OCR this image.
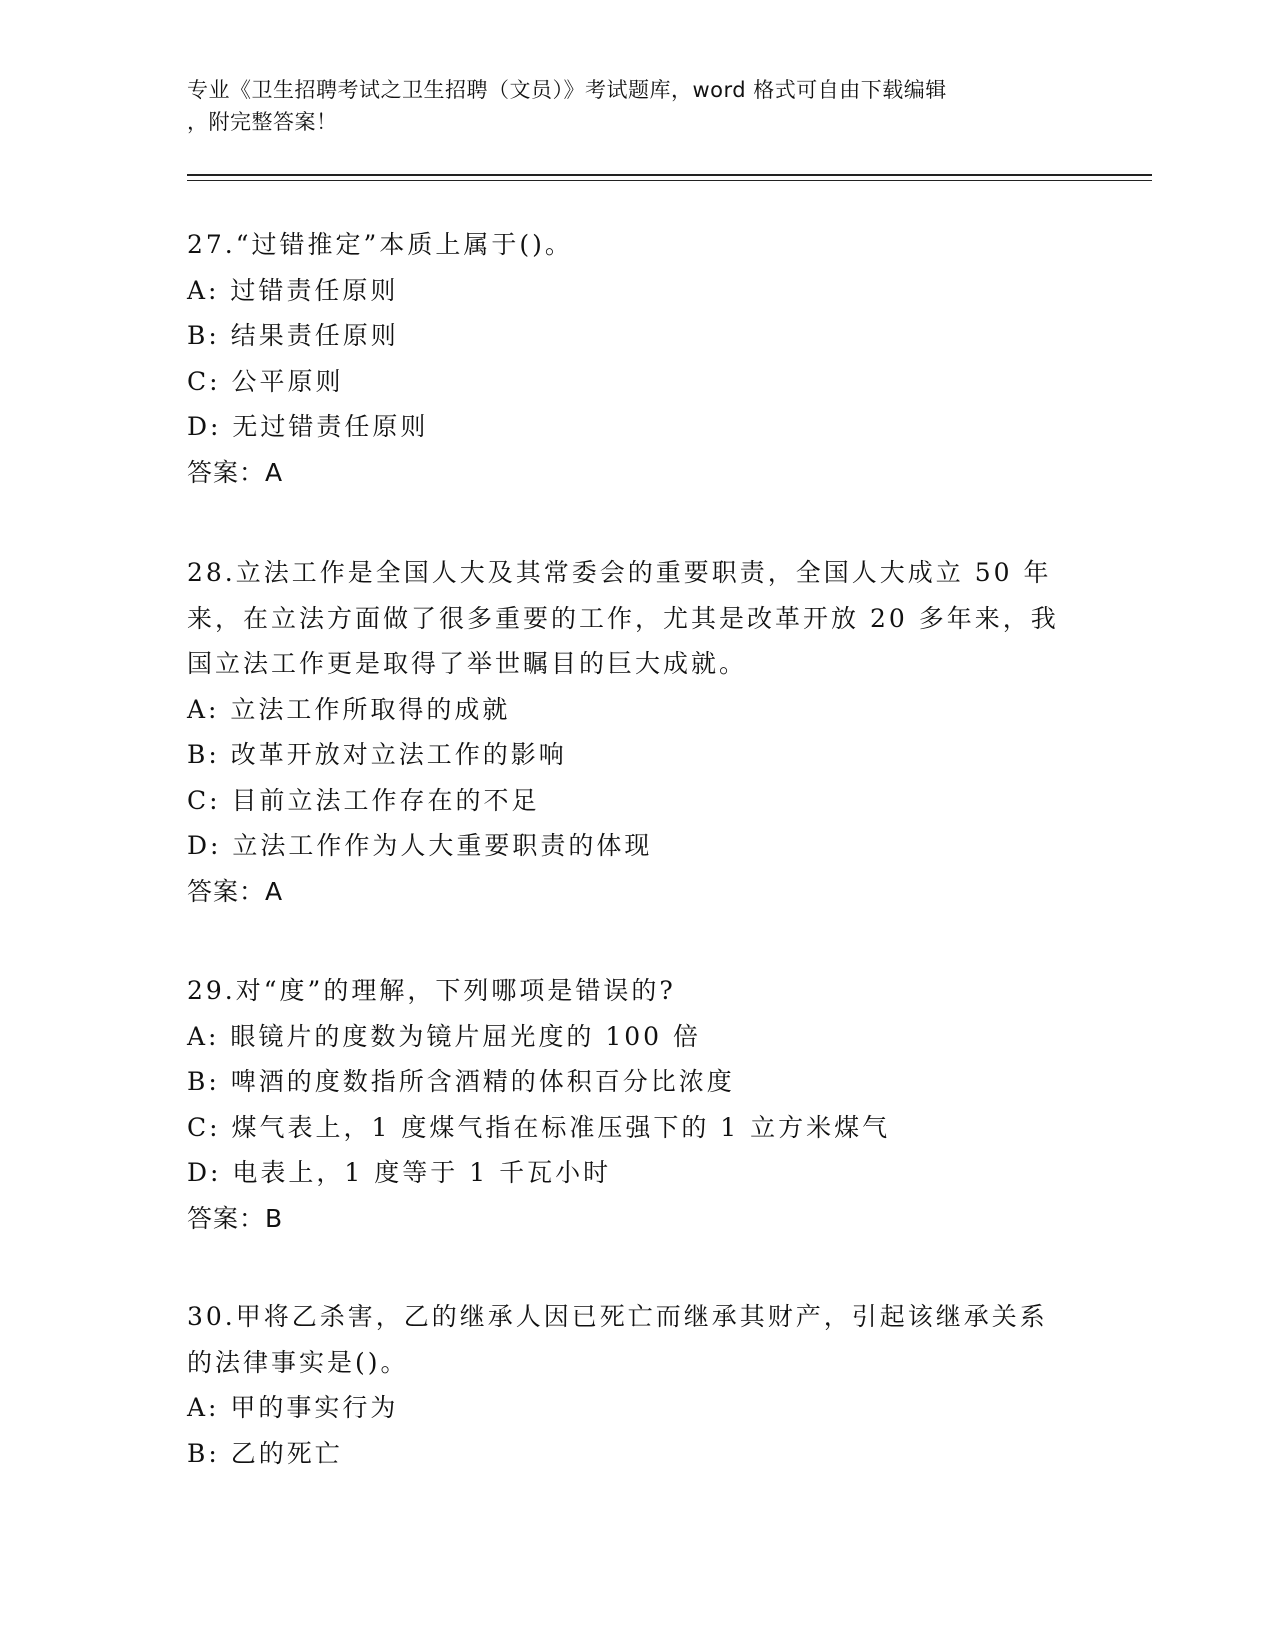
专业《卫生招聘考试之卫生招聘（文员）》考试题库，word 格式可自由下载编辑
，附完整答案！
27.“过错推定”本质上属于()。
A: 过错责任原则
B: 结果责任原则
C: 公平原则
D: 无过错责任原则
答案：A
28.立法工作是全国人大及其常委会的重要职责，全国人大成立 50 年
来，在立法方面做了很多重要的工作，尤其是改革开放 20 多年来，我
国立法工作更是取得了举世瞩目的巨大成就。
A: 立法工作所取得的成就
B: 改革开放对立法工作的影响
C: 目前立法工作存在的不足
D: 立法工作作为人大重要职责的体现
答案：A
29.对“度”的理解，下列哪项是错误的?
A: 眼镜片的度数为镜片屈光度的 100 倍
B: 啤酒的度数指所含酒精的体积百分比浓度
C: 煤气表上，1 度煤气指在标准压强下的 1 立方米煤气
D: 电表上，1 度等于 1 千瓦小时
答案：B
30.甲将乙杀害，乙的继承人因已死亡而继承其财产，引起该继承关系
的法律事实是()。
A: 甲的事实行为
B: 乙的死亡
